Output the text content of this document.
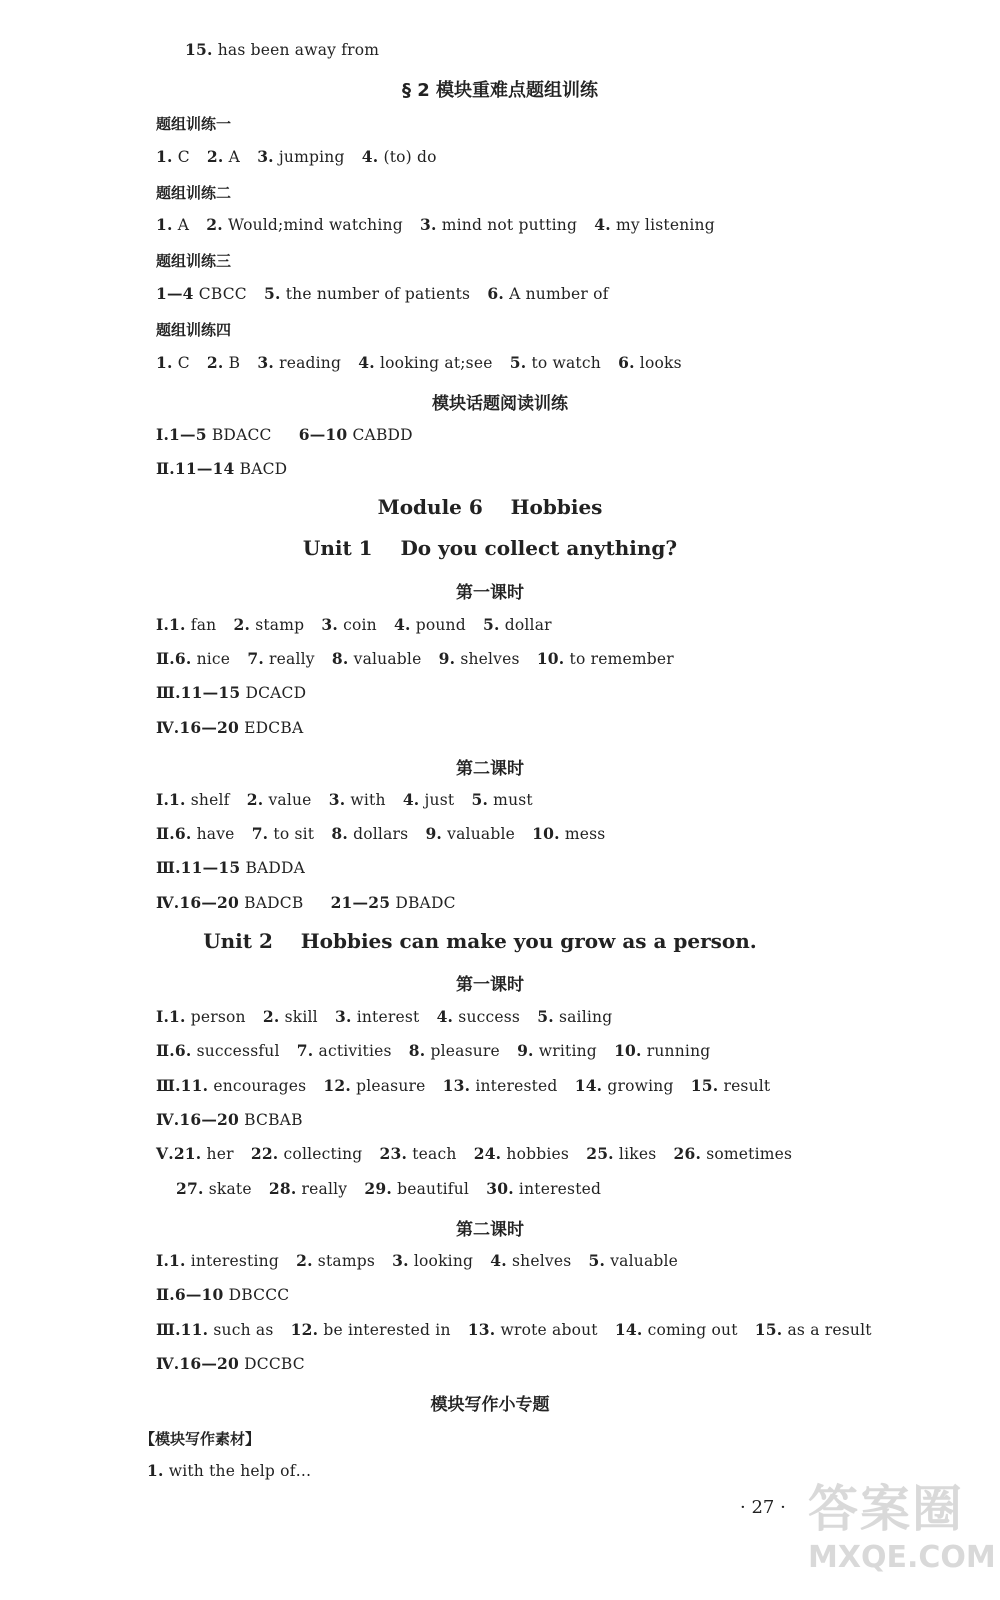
15. has been away from
§ 2 模块重难点题组训练
题组训练一
1. C 2. A 3. jumping 4. (to) do
题组训练二
1. A 2. Would;mind watching 3. mind not putting 4. my listening
题组训练三
1—4 CBCC 5. the number of patients 6. A number of
题组训练四
1. C 2. B 3. reading 4. looking at;see 5. to watch 6. looks
模块话题阅读训练
Ⅰ.1—5 BDACC 6—10 CABDD
Ⅱ.11—14 BACD
Module 6    Hobbies
Unit 1    Do you collect anything?
第一课时
Ⅰ.1. fan 2. stamp 3. coin 4. pound 5. dollar
Ⅱ.6. nice 7. really 8. valuable 9. shelves 10. to remember
Ⅲ.11—15 DCACD
Ⅳ.16—20 EDCBA
第二课时
Ⅰ.1. shelf 2. value 3. with 4. just 5. must
Ⅱ.6. have 7. to sit 8. dollars 9. valuable 10. mess
Ⅲ.11—15 BADDA
Ⅳ.16—20 BADCB 21—25 DBADC
Unit 2    Hobbies can make you grow as a person.
第一课时
Ⅰ.1. person 2. skill 3. interest 4. success 5. sailing
Ⅱ.6. successful 7. activities 8. pleasure 9. writing 10. running
Ⅲ.11. encourages 12. pleasure 13. interested 14. growing 15. result
Ⅳ.16—20 BCBAB
Ⅴ.21. her 22. collecting 23. teach 24. hobbies 25. likes 26. sometimes
27. skate 28. really 29. beautiful 30. interested
第二课时
Ⅰ.1. interesting 2. stamps 3. looking 4. shelves 5. valuable
Ⅱ.6—10 DBCCC
Ⅲ.11. such as 12. be interested in 13. wrote about 14. coming out 15. as a result
Ⅳ.16—20 DCCBC
模块写作小专题
【模块写作素材】
1. with the help of…
· 27 · 答案圈
MXQE.COM
